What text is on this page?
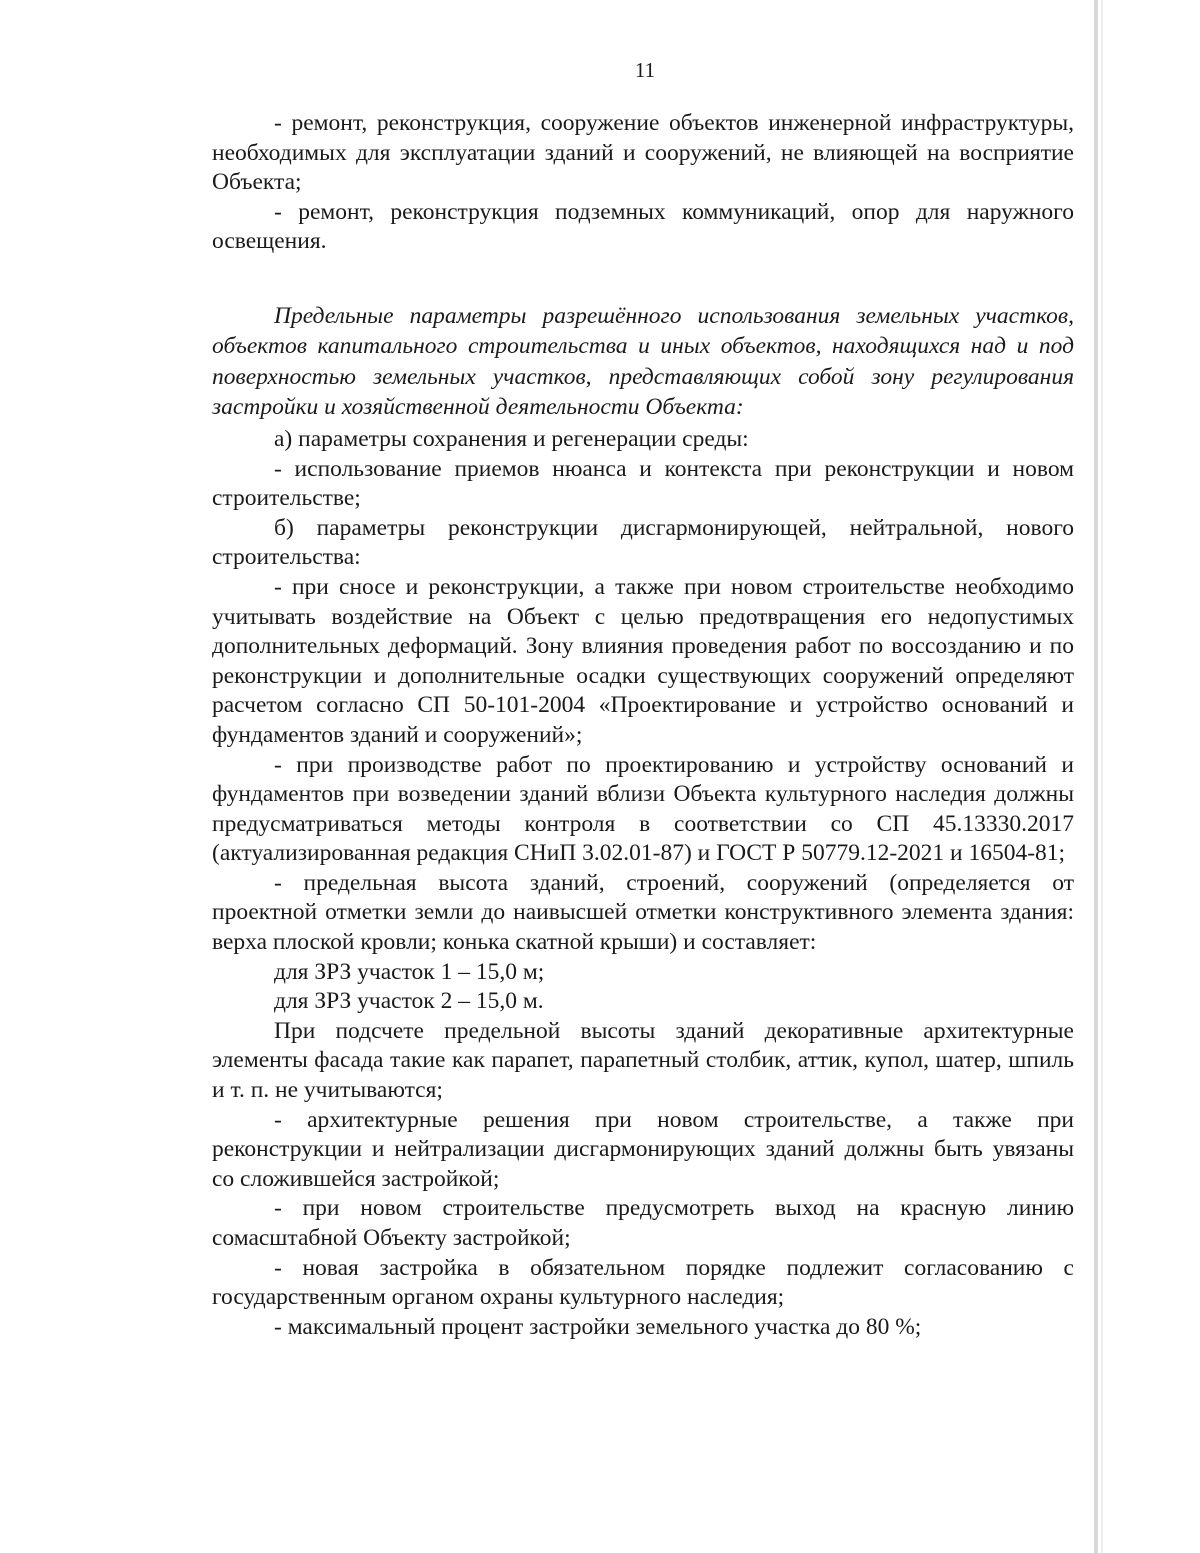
11

- ремонт, реконструкция, сооружение объектов инженерной инфраструктуры, необходимых для эксплуатации зданий и сооружений, не влияющей на восприятие Объекта;

- ремонт, реконструкция подземных коммуникаций, опор для наружного освещения.

Предельные параметры разрешённого использования земельных участков, объектов капитального строительства и иных объектов, находящихся над и под поверхностью земельных участков, представляющих собой зону регулирования застройки и хозяйственной деятельности Объекта:

а) параметры сохранения и регенерации среды:

- использование приемов нюанса и контекста при реконструкции и новом строительстве;

б) параметры реконструкции дисгармонирующей, нейтральной, нового строительства:

- при сносе и реконструкции, а также при новом строительстве необходимо учитывать воздействие на Объект с целью предотвращения его недопустимых дополнительных деформаций. Зону влияния проведения работ по воссозданию и по реконструкции и дополнительные осадки существующих сооружений определяют расчетом согласно СП 50-101-2004 «Проектирование и устройство оснований и фундаментов зданий и сооружений»;

- при производстве работ по проектированию и устройству оснований и фундаментов при возведении зданий вблизи Объекта культурного наследия должны предусматриваться методы контроля в соответствии со СП 45.13330.2017 (актуализированная редакция СНиП 3.02.01-87) и ГОСТ Р 50779.12-2021 и 16504-81;

- предельная высота зданий, строений, сооружений (определяется от проектной отметки земли до наивысшей отметки конструктивного элемента здания: верха плоской кровли; конька скатной крыши) и составляет:

для ЗРЗ участок 1 – 15,0 м;

для ЗРЗ участок 2 – 15,0 м.

При подсчете предельной высоты зданий декоративные архитектурные элементы фасада такие как парапет, парапетный столбик, аттик, купол, шатер, шпиль и т. п. не учитываются;

- архитектурные решения при новом строительстве, а также при реконструкции и нейтрализации дисгармонирующих зданий должны быть увязаны со сложившейся застройкой;

- при новом строительстве предусмотреть выход на красную линию сомасштабной Объекту застройкой;

- новая застройка в обязательном порядке подлежит согласованию с государственным органом охраны культурного наследия;

- максимальный процент застройки земельного участка до 80 %;
